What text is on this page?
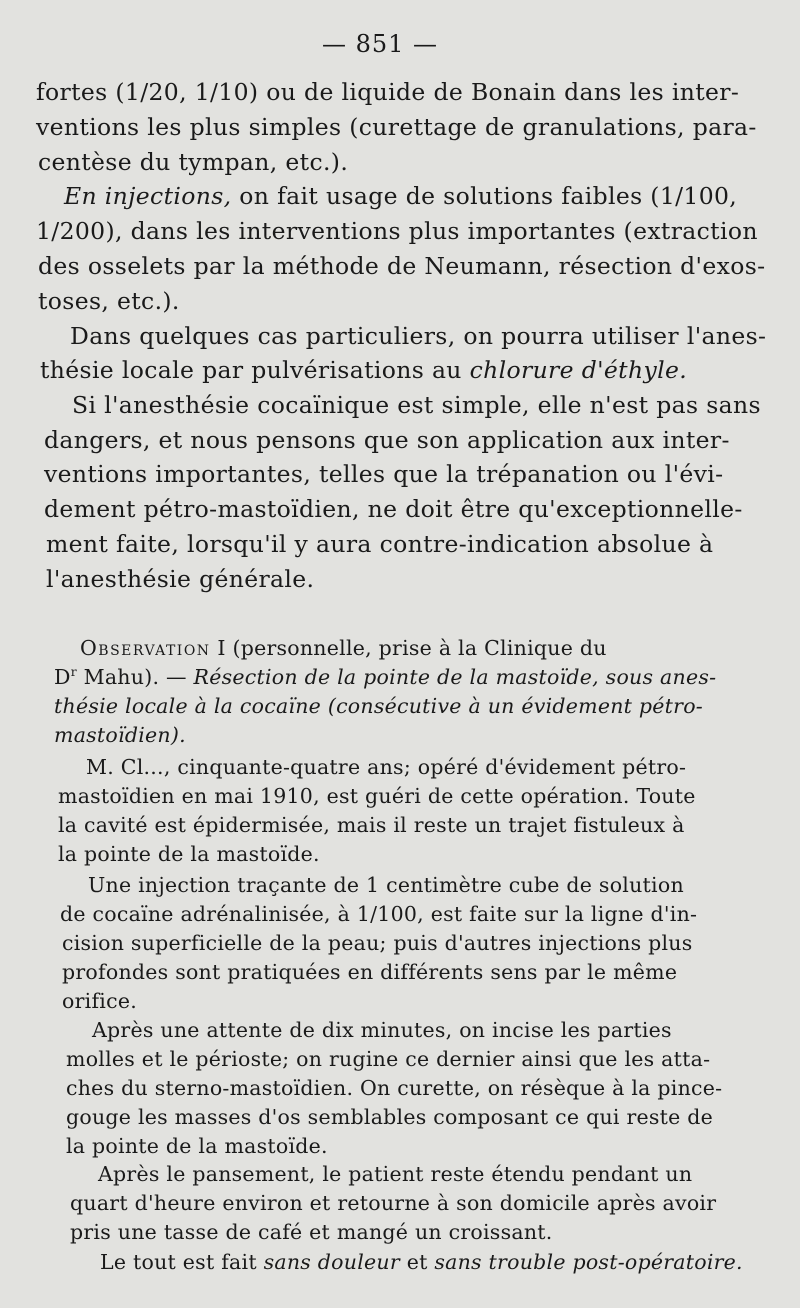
— 851 —
fortes (1/20, 1/10) ou de liquide de Bonain dans les inter-
ventions les plus simples (curettage de granulations, para-
centèse du tympan, etc.).
En injections, on fait usage de solutions faibles (1/100,
1/200), dans les interventions plus importantes (extraction
des osselets par la méthode de Neumann, résection d'exos-
toses, etc.).
Dans quelques cas particuliers, on pourra utiliser l'anes-
thésie locale par pulvérisations au chlorure d'éthyle.
Si l'anesthésie cocaïnique est simple, elle n'est pas sans
dangers, et nous pensons que son application aux inter-
ventions importantes, telles que la trépanation ou l'évi-
dement pétro-mastoïdien, ne doit être qu'exceptionnelle-
ment faite, lorsqu'il y aura contre-indication absolue à
l'anesthésie générale.
Observation I (personnelle, prise à la Clinique du
$D^r$ Mahu). — Résection de la pointe de la mastoïde, sous anes-
thésie locale à la cocaïne (consécutive à un évidement pétro-
mastoïdien).
M. Cl..., cinquante-quatre ans; opéré d'évidement pétro-
mastoïdien en mai 1910, est guéri de cette opération. Toute
la cavité est épidermisée, mais il reste un trajet fistuleux à
la pointe de la mastoïde.
Une injection traçante de 1 centimètre cube de solution
de cocaïne adrénalinisée, à 1/100, est faite sur la ligne d'in-
cision superficielle de la peau; puis d'autres injections plus
profondes sont pratiquées en différents sens par le même
orifice.
Après une attente de dix minutes, on incise les parties
molles et le périoste; on rugine ce dernier ainsi que les atta-
ches du sterno-mastoïdien. On curette, on résèque à la pince-
gouge les masses d'os semblables composant ce qui reste de
la pointe de la mastoïde.
Après le pansement, le patient reste étendu pendant un
quart d'heure environ et retourne à son domicile après avoir
pris une tasse de café et mangé un croissant.
Le tout est fait sans douleur et sans trouble post-opératoire.
